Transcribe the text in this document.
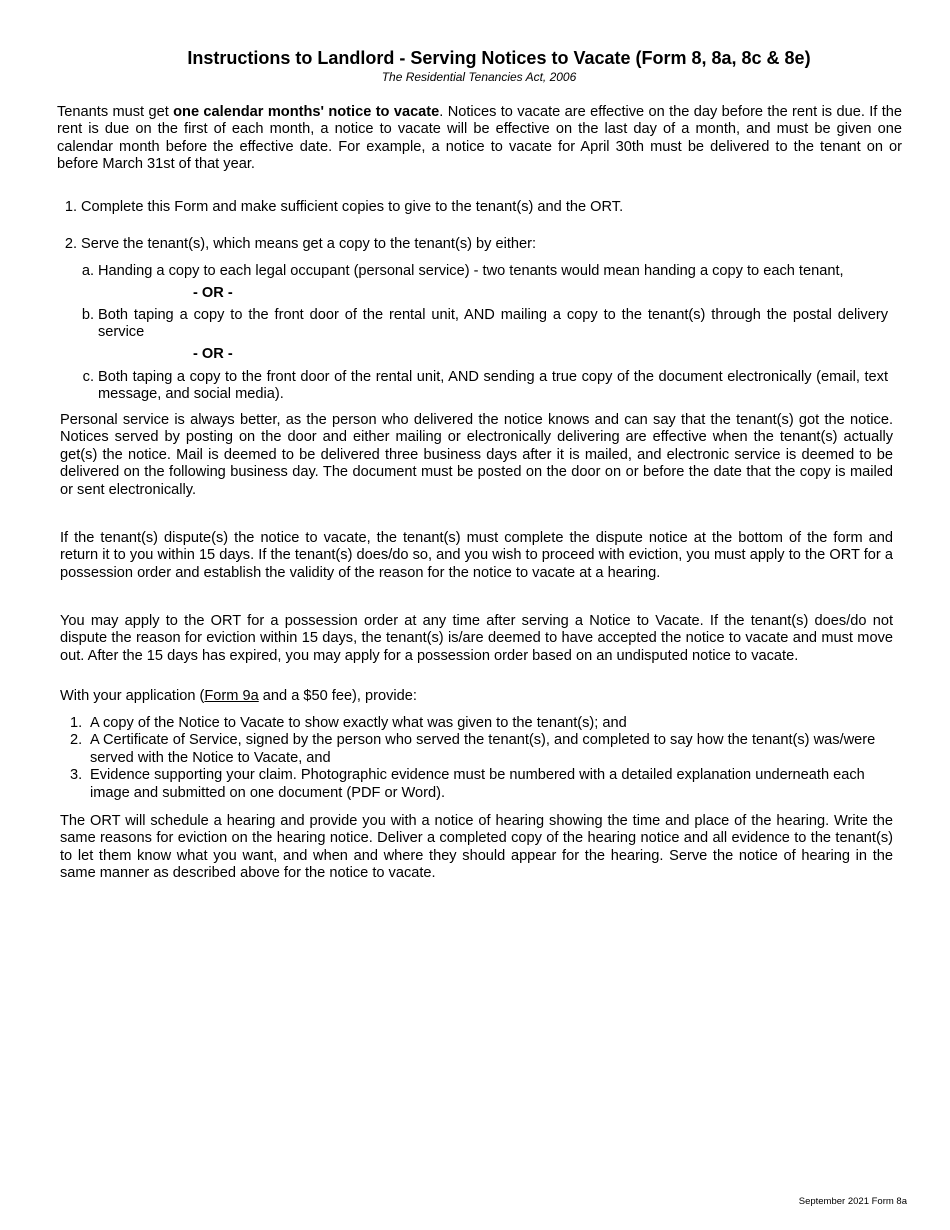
Instructions to Landlord - Serving Notices to Vacate (Form 8, 8a, 8c & 8e)
The Residential Tenancies Act, 2006
Tenants must get one calendar months' notice to vacate. Notices to vacate are effective on the day before the rent is due. If the rent is due on the first of each month, a notice to vacate will be effective on the last day of a month, and must be given one calendar month before the effective date. For example, a notice to vacate for April 30th must be delivered to the tenant on or before March 31st of that year.
1. Complete this Form and make sufficient copies to give to the tenant(s) and the ORT.
2. Serve the tenant(s), which means get a copy to the tenant(s) by either:
a. Handing a copy to each legal occupant (personal service) - two tenants would mean handing a copy to each tenant,
- OR -
b. Both taping a copy to the front door of the rental unit, AND mailing a copy to the tenant(s) through the postal delivery service
- OR -
c. Both taping a copy to the front door of the rental unit, AND sending a true copy of the document electronically (email, text message, and social media).
Personal service is always better, as the person who delivered the notice knows and can say that the tenant(s) got the notice. Notices served by posting on the door and either mailing or electronically delivering are effective when the tenant(s) actually get(s) the notice. Mail is deemed to be delivered three business days after it is mailed, and electronic service is deemed to be delivered on the following business day. The document must be posted on the door on or before the date that the copy is mailed or sent electronically.
If the tenant(s) dispute(s) the notice to vacate, the tenant(s) must complete the dispute notice at the bottom of the form and return it to you within 15 days. If the tenant(s) does/do so, and you wish to proceed with eviction, you must apply to the ORT for a possession order and establish the validity of the reason for the notice to vacate at a hearing.
You may apply to the ORT for a possession order at any time after serving a Notice to Vacate. If the tenant(s) does/do not dispute the reason for eviction within 15 days, the tenant(s) is/are deemed to have accepted the notice to vacate and must move out. After the 15 days has expired, you may apply for a possession order based on an undisputed notice to vacate.
With your application (Form 9a and a $50 fee), provide:
1. A copy of the Notice to Vacate to show exactly what was given to the tenant(s); and
2. A Certificate of Service, signed by the person who served the tenant(s), and completed to say how the tenant(s) was/were served with the Notice to Vacate, and
3. Evidence supporting your claim. Photographic evidence must be numbered with a detailed explanation underneath each image and submitted on one document (PDF or Word).
The ORT will schedule a hearing and provide you with a notice of hearing showing the time and place of the hearing. Write the same reasons for eviction on the hearing notice. Deliver a completed copy of the hearing notice and all evidence to the tenant(s) to let them know what you want, and when and where they should appear for the hearing. Serve the notice of hearing in the same manner as described above for the notice to vacate.
September 2021 Form 8a
